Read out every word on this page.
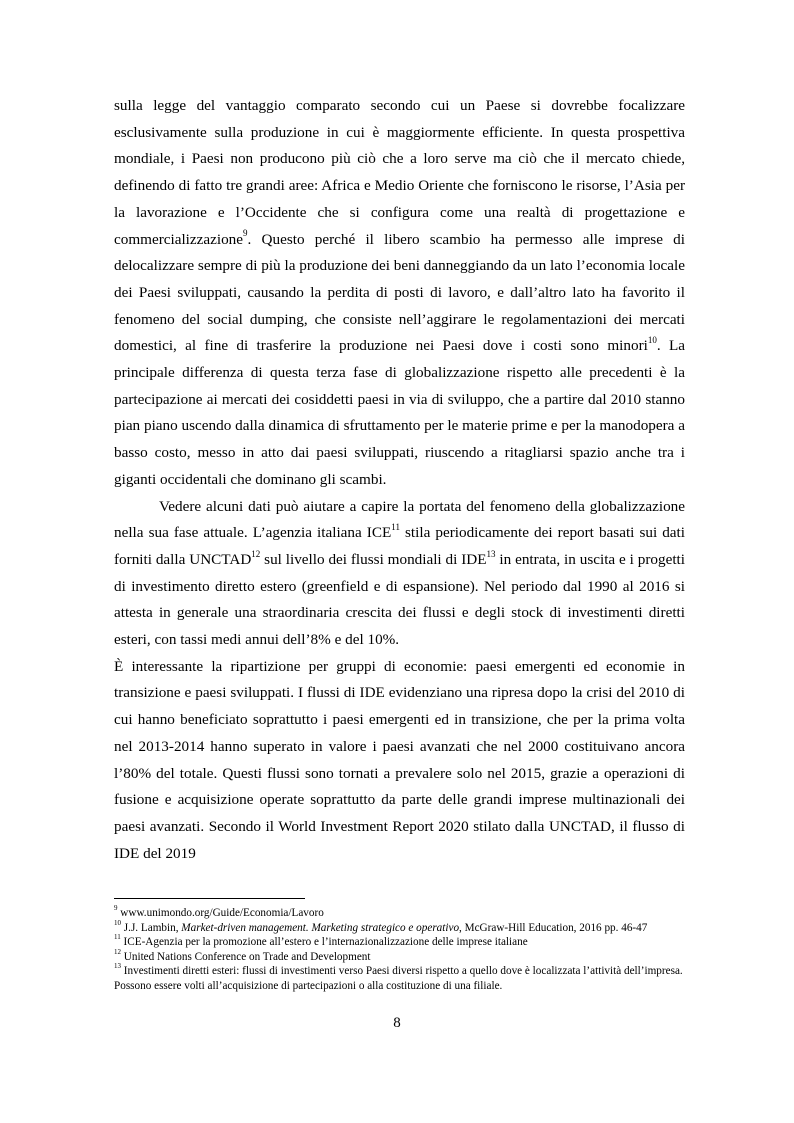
sulla legge del vantaggio comparato secondo cui un Paese si dovrebbe focalizzare esclusivamente sulla produzione in cui è maggiormente efficiente. In questa prospettiva mondiale, i Paesi non producono più ciò che a loro serve ma ciò che il mercato chiede, definendo di fatto tre grandi aree: Africa e Medio Oriente che forniscono le risorse, l’Asia per la lavorazione e l’Occidente che si configura come una realtà di progettazione e commercializzazione$^9$. Questo perché il libero scambio ha permesso alle imprese di delocalizzare sempre di più la produzione dei beni danneggiando da un lato l’economia locale dei Paesi sviluppati, causando la perdita di posti di lavoro, e dall’altro lato ha favorito il fenomeno del social dumping, che consiste nell’aggirare le regolamentazioni dei mercati domestici, al fine di trasferire la produzione nei Paesi dove i costi sono minori$^{10}$. La principale differenza di questa terza fase di globalizzazione rispetto alle precedenti è la partecipazione ai mercati dei cosiddetti paesi in via di sviluppo, che a partire dal 2010 stanno pian piano uscendo dalla dinamica di sfruttamento per le materie prime e per la manodopera a basso costo, messo in atto dai paesi sviluppati, riuscendo a ritagliarsi spazio anche tra i giganti occidentali che dominano gli scambi.

Vedere alcuni dati può aiutare a capire la portata del fenomeno della globalizzazione nella sua fase attuale. L’agenzia italiana ICE$^{11}$ stila periodicamente dei report basati sui dati forniti dalla UNCTAD$^{12}$ sul livello dei flussi mondiali di IDE$^{13}$ in entrata, in uscita e i progetti di investimento diretto estero (greenfield e di espansione). Nel periodo dal 1990 al 2016 si attesta in generale una straordinaria crescita dei flussi e degli stock di investimenti diretti esteri, con tassi medi annui dell’8% e del 10%.

È interessante la ripartizione per gruppi di economie: paesi emergenti ed economie in transizione e paesi sviluppati. I flussi di IDE evidenziano una ripresa dopo la crisi del 2010 di cui hanno beneficiato soprattutto i paesi emergenti ed in transizione, che per la prima volta nel 2013-2014 hanno superato in valore i paesi avanzati che nel 2000 costituivano ancora l’80% del totale. Questi flussi sono tornati a prevalere solo nel 2015, grazie a operazioni di fusione e acquisizione operate soprattutto da parte delle grandi imprese multinazionali dei paesi avanzati. Secondo il World Investment Report 2020 stilato dalla UNCTAD, il flusso di IDE del 2019

$^9$ www.unimondo.org/Guide/Economia/Lavoro
$^{10}$ J.J. Lambin, Market-driven management. Marketing strategico e operativo, McGraw-Hill Education, 2016 pp. 46-47
$^{11}$ ICE-Agenzia per la promozione all’estero e l’internazionalizzazione delle imprese italiane
$^{12}$ United Nations Conference on Trade and Development
$^{13}$ Investimenti diretti esteri: flussi di investimenti verso Paesi diversi rispetto a quello dove è localizzata l’attività dell’impresa. Possono essere volti all’acquisizione di partecipazioni o alla costituzione di una filiale.
8
